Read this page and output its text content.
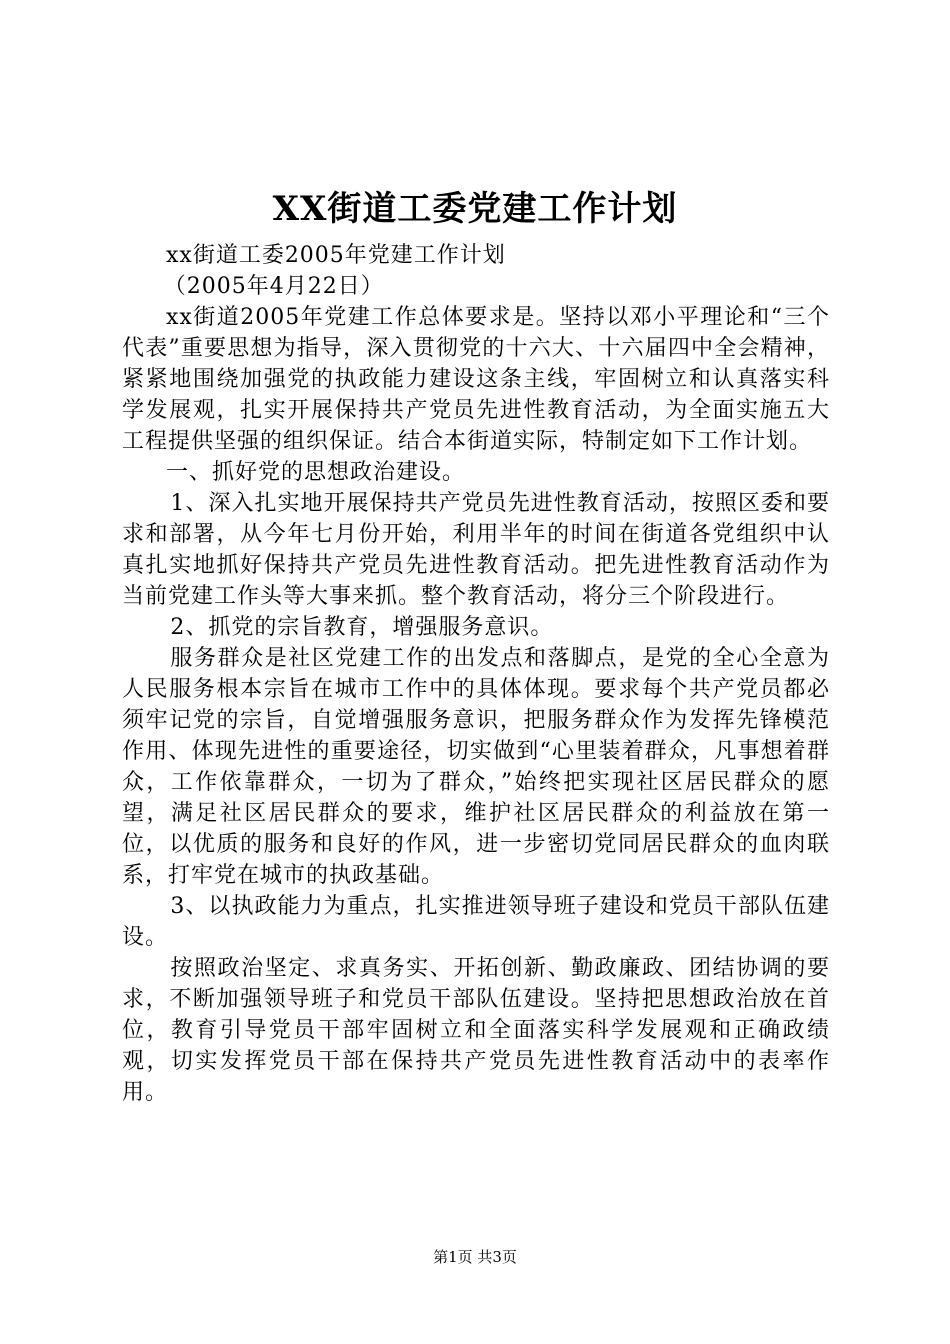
XX街道工委党建工作计划

xx街道工委2005年党建工作计划

（2005年4月22日）

xx街道2005年党建工作总体要求是。坚持以邓小平理论和“三个代表”重要思想为指导，深入贯彻党的十六大、十六届四中全会精神，紧紧地围绕加强党的执政能力建设这条主线，牢固树立和认真落实科学发展观，扎实开展保持共产党员先进性教育活动，为全面实施五大工程提供坚强的组织保证。结合本街道实际，特制定如下工作计划。

一、抓好党的思想政治建设。

1、深入扎实地开展保持共产党员先进性教育活动，按照区委和要求和部署，从今年七月份开始，利用半年的时间在街道各党组织中认真扎实地抓好保持共产党员先进性教育活动。把先进性教育活动作为当前党建工作头等大事来抓。整个教育活动，将分三个阶段进行。

2、抓党的宗旨教育，增强服务意识。

服务群众是社区党建工作的出发点和落脚点，是党的全心全意为人民服务根本宗旨在城市工作中的具体体现。要求每个共产党员都必须牢记党的宗旨，自觉增强服务意识，把服务群众作为发挥先锋模范作用、体现先进性的重要途径，切实做到“心里装着群众，凡事想着群众，工作依靠群众，一切为了群众，”始终把实现社区居民群众的愿望，满足社区居民群众的要求，维护社区居民群众的利益放在第一位，以优质的服务和良好的作风，进一步密切党同居民群众的血肉联系，打牢党在城市的执政基础。

3、以执政能力为重点，扎实推进领导班子建设和党员干部队伍建设。

按照政治坚定、求真务实、开拓创新、勤政廉政、团结协调的要求，不断加强领导班子和党员干部队伍建设。坚持把思想政治放在首位，教育引导党员干部牢固树立和全面落实科学发展观和正确政绩观，切实发挥党员干部在保持共产党员先进性教育活动中的表率作用。

第1页 共3页
